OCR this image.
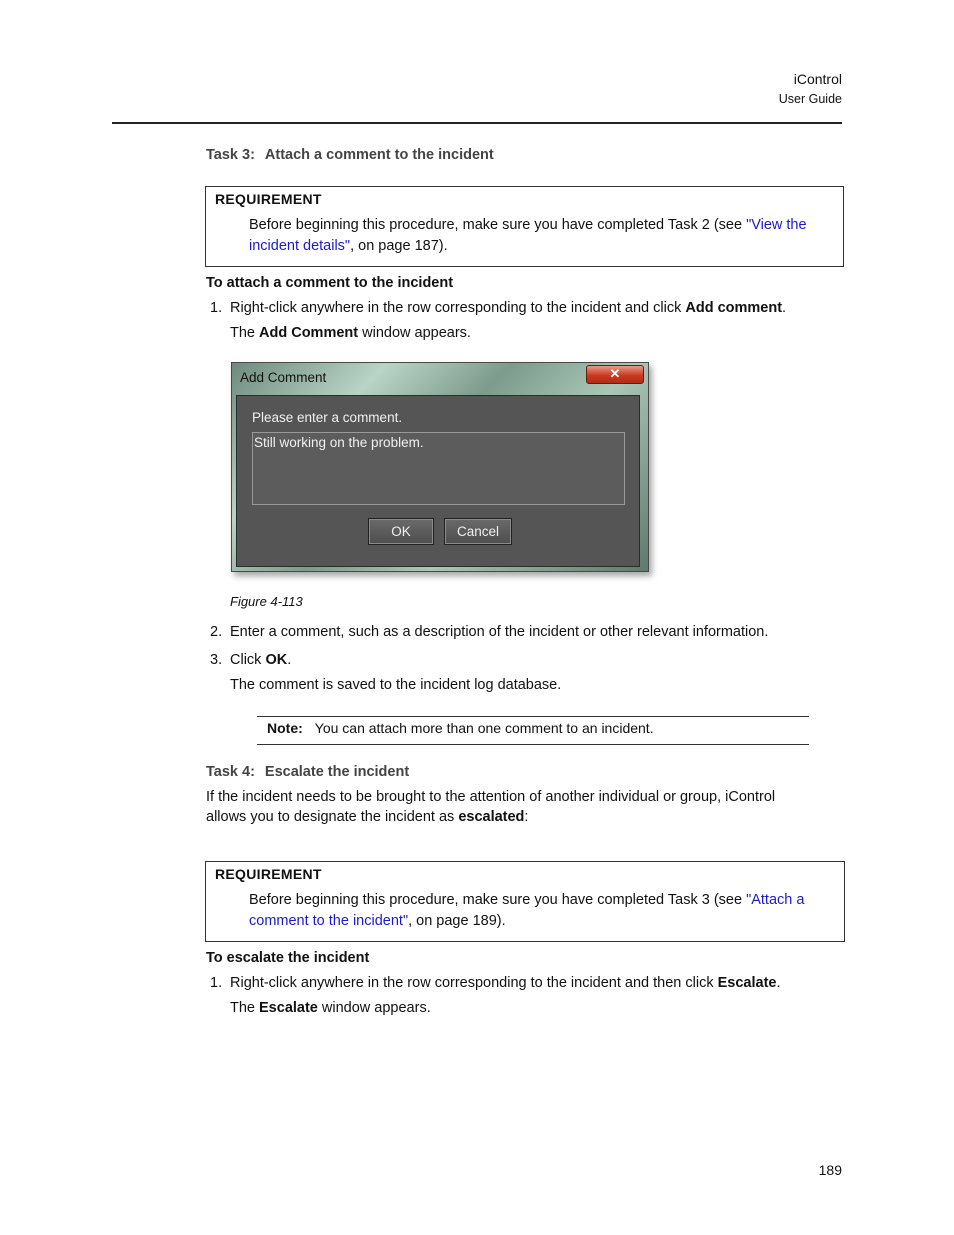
iControl
User Guide
Task 3: Attach a comment to the incident
REQUIREMENT
Before beginning this procedure, make sure you have completed Task 2 (see "View the incident details", on page 187).
To attach a comment to the incident
1. Right-click anywhere in the row corresponding to the incident and click Add comment.
The Add Comment window appears.
Add Comment	✕
Please enter a comment.
Still working on the problem.
OK	Cancel
Figure 4-113
2. Enter a comment, such as a description of the incident or other relevant information.
3. Click OK.
The comment is saved to the incident log database.
Note: You can attach more than one comment to an incident.
Task 4: Escalate the incident
If the incident needs to be brought to the attention of another individual or group, iControl
allows you to designate the incident as escalated:
REQUIREMENT
Before beginning this procedure, make sure you have completed Task 3 (see "Attach a comment to the incident", on page 189).
To escalate the incident
1. Right-click anywhere in the row corresponding to the incident and then click Escalate.
The Escalate window appears.
189
